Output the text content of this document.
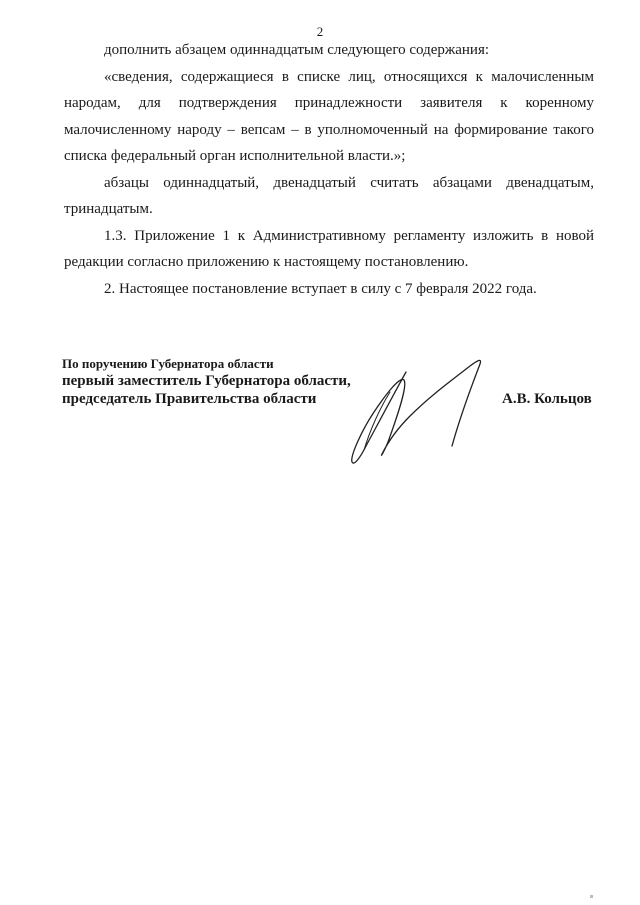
2

дополнить абзацем одиннадцатым следующего содержания:

«сведения, содержащиеся в списке лиц, относящихся к малочисленным народам, для подтверждения принадлежности заявителя к коренному малочисленному народу – вепсам – в уполномоченный на формирование такого списка федеральный орган исполнительной власти.»;

абзацы одиннадцатый, двенадцатый считать абзацами двенадцатым, тринадцатым.

1.3. Приложение 1 к Административному регламенту изложить в новой редакции согласно приложению к настоящему постановлению.

2. Настоящее постановление вступает в силу с 7 февраля 2022 года.

По поручению Губернатора области
первый заместитель Губернатора области,
председатель Правительства области	А.В. Кольцов
